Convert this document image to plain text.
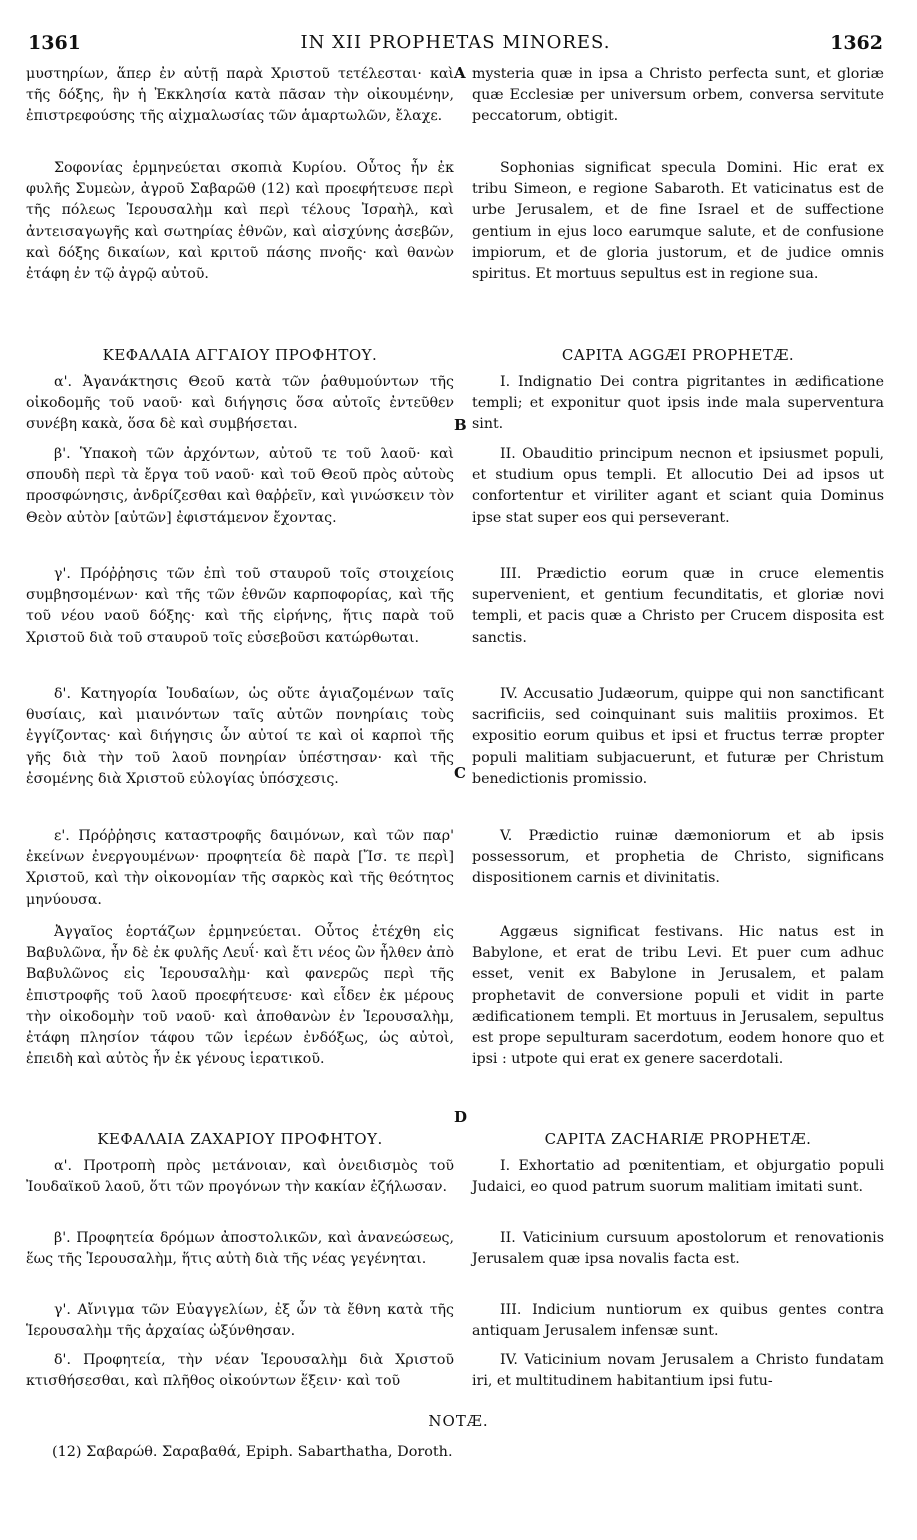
1361	IN XII PROPHETAS MINORES.	1362

μυστηρίων, ἅπερ ἐν αὐτῇ παρὰ Χριστοῦ τετέλεσται· καὶ τῆς δόξης, ἣν ἡ Ἐκκλησία κατὰ πᾶσαν τὴν οἰκουμένην, ἐπιστρεφούσης τῆς αἰχμαλωσίας τῶν ἁμαρτωλῶν, ἔλαχε.

Σοφονίας ἑρμηνεύεται σκοπιὰ Κυρίου. Οὗτος ἦν ἐκ φυλῆς Συμεὼν, ἀγροῦ Σαβαρῶθ (12) καὶ προεφήτευσε περὶ τῆς πόλεως Ἱερουσαλὴμ καὶ περὶ τέλους Ἰσραὴλ, καὶ ἀντεισαγωγῆς καὶ σωτηρίας ἐθνῶν, καὶ αἰσχύνης ἀσεβῶν, καὶ δόξης δικαίων, καὶ κριτοῦ πάσης πνοῆς· καὶ θανὼν ἐτάφη ἐν τῷ ἀγρῷ αὐτοῦ.

ΚΕΦΑΛΑΙΑ ΑΓΓΑΙΟΥ ΠΡΟΦΗΤΟΥ.

α'. Ἀγανάκτησις Θεοῦ κατὰ τῶν ῥαθυμούντων τῆς οἰκοδομῆς τοῦ ναοῦ· καὶ διήγησις ὅσα αὐτοῖς ἐντεῦθεν συνέβη κακὰ, ὅσα δὲ καὶ συμβήσεται.

β'. Ὑπακοὴ τῶν ἀρχόντων, αὐτοῦ τε τοῦ λαοῦ· καὶ σπουδὴ περὶ τὰ ἔργα τοῦ ναοῦ· καὶ τοῦ Θεοῦ πρὸς αὐτοὺς προσφώνησις, ἀνδρίζεσθαι καὶ θαῤῥεῖν, καὶ γινώσκειν τὸν Θεὸν αὐτὸν [αὐτῶν] ἐφιστάμενον ἔχοντας.

γ'. Πρόῤῥησις τῶν ἐπὶ τοῦ σταυροῦ τοῖς στοιχείοις συμβησομένων· καὶ τῆς τῶν ἐθνῶν καρποφορίας, καὶ τῆς τοῦ νέου ναοῦ δόξης· καὶ τῆς εἰρήνης, ἥτις παρὰ τοῦ Χριστοῦ διὰ τοῦ σταυροῦ τοῖς εὐσεβοῦσι κατώρθωται.

δ'. Κατηγορία Ἰουδαίων, ὡς οὔτε ἁγιαζομένων ταῖς θυσίαις, καὶ μιαινόντων ταῖς αὐτῶν πονηρίαις τοὺς ἐγγίζοντας· καὶ διήγησις ὧν αὐτοί τε καὶ οἱ καρποὶ τῆς γῆς διὰ τὴν τοῦ λαοῦ πονηρίαν ὑπέστησαν· καὶ τῆς ἐσομένης διὰ Χριστοῦ εὐλογίας ὑπόσχεσις.

ε'. Πρόῤῥησις καταστροφῆς δαιμόνων, καὶ τῶν παρ' ἐκείνων ἐνεργουμένων· προφητεία δὲ παρὰ [Ἴσ. τε περὶ] Χριστοῦ, καὶ τὴν οἰκονομίαν τῆς σαρκὸς καὶ τῆς θεότητος μηνύουσα.

Ἀγγαῖος ἑορτάζων ἑρμηνεύεται. Οὗτος ἐτέχθη εἰς Βαβυλῶνα, ἦν δὲ ἐκ φυλῆς Λευΐ· καὶ ἔτι νέος ὢν ἦλθεν ἀπὸ Βαβυλῶνος εἰς Ἱερουσαλὴμ· καὶ φανερῶς περὶ τῆς ἐπιστροφῆς τοῦ λαοῦ προεφήτευσε· καὶ εἶδεν ἐκ μέρους τὴν οἰκοδομὴν τοῦ ναοῦ· καὶ ἀποθανὼν ἐν Ἱερουσαλὴμ, ἐτάφη πλησίον τάφου τῶν ἱερέων ἐνδόξως, ὡς αὐτοὶ, ἐπειδὴ καὶ αὐτὸς ἦν ἐκ γένους ἱερατικοῦ.

ΚΕΦΑΛΑΙΑ ΖΑΧΑΡΙΟΥ ΠΡΟΦΗΤΟΥ.

α'. Προτροπὴ πρὸς μετάνοιαν, καὶ ὀνειδισμὸς τοῦ Ἰουδαϊκοῦ λαοῦ, ὅτι τῶν προγόνων τὴν κακίαν ἐζήλωσαν.

β'. Προφητεία δρόμων ἀποστολικῶν, καὶ ἀνανεώσεως, ἕως τῆς Ἱερουσαλὴμ, ἥτις αὐτὴ διὰ τῆς νέας γεγένηται.

γ'. Αἴνιγμα τῶν Εὐαγγελίων, ἐξ ὧν τὰ ἔθνη κατὰ τῆς Ἱερουσαλὴμ τῆς ἀρχαίας ὠξύνθησαν.

δ'. Προφητεία, τὴν νέαν Ἱερουσαλὴμ διὰ Χριστοῦ κτισθήσεσθαι, καὶ πλῆθος οἰκούντων ἕξειν· καὶ τοῦ

mysteria quæ in ipsa a Christo perfecta sunt, et gloriæ quæ Ecclesiæ per universum orbem, conversa servitute peccatorum, obtigit.

Sophonias significat specula Domini. Hic erat ex tribu Simeon, e regione Sabaroth. Et vaticinatus est de urbe Jerusalem, et de fine Israel et de suffectione gentium in ejus loco earumque salute, et de confusione impiorum, et de gloria justorum, et de judice omnis spiritus. Et mortuus sepultus est in regione sua.

CAPITA AGGÆI PROPHETÆ.

I. Indignatio Dei contra pigritantes in ædificatione templi; et exponitur quot ipsis inde mala superventura sint.

II. Obauditio principum necnon et ipsiusmet populi, et studium opus templi. Et allocutio Dei ad ipsos ut confortentur et viriliter agant et sciant quia Dominus ipse stat super eos qui perseverant.

III. Prædictio eorum quæ in cruce elementis supervenient, et gentium fecunditatis, et gloriæ novi templi, et pacis quæ a Christo per Crucem disposita est sanctis.

IV. Accusatio Judæorum, quippe qui non sanctificant sacrificiis, sed coinquinant suis malitiis proximos. Et expositio eorum quibus et ipsi et fructus terræ propter populi malitiam subjacuerunt, et futuræ per Christum benedictionis promissio.

V. Prædictio ruinæ dæmoniorum et ab ipsis possessorum, et prophetia de Christo, significans dispositionem carnis et divinitatis.

Aggæus significat festivans. Hic natus est in Babylone, et erat de tribu Levi. Et puer cum adhuc esset, venit ex Babylone in Jerusalem, et palam prophetavit de conversione populi et vidit in parte ædificationem templi. Et mortuus in Jerusalem, sepultus est prope sepulturam sacerdotum, eodem honore quo et ipsi : utpote qui erat ex genere sacerdotali.

CAPITA ZACHARIÆ PROPHETÆ.

I. Exhortatio ad pœnitentiam, et objurgatio populi Judaici, eo quod patrum suorum malitiam imitati sunt.

II. Vaticinium cursuum apostolorum et renovationis Jerusalem quæ ipsa novalis facta est.

III. Indicium nuntiorum ex quibus gentes contra antiquam Jerusalem infensæ sunt.

IV. Vaticinium novam Jerusalem a Christo fundatam iri, et multitudinem habitantium ipsi futu-

A
B
C
D
NOTÆ.
(12) Σαβαρώθ. Σαραβαθά, Epiph. Sabarthatha, Doroth.
